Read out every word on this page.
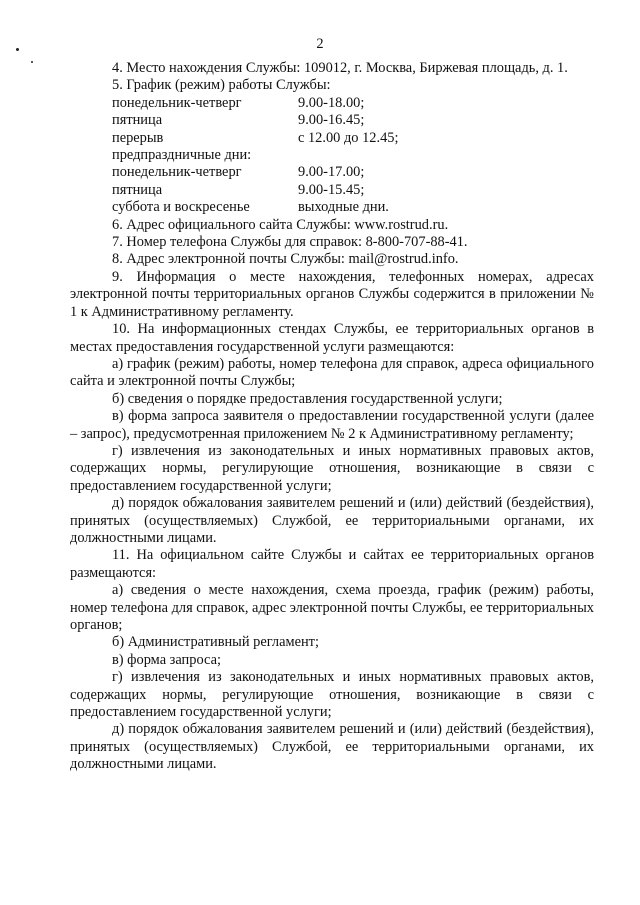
2

4. Место нахождения Службы: 109012, г. Москва, Биржевая площадь, д. 1.

5. График (режим) работы Службы:

понедельник-четверг	9.00-18.00;
пятница	9.00-16.45;
перерыв	с 12.00 до 12.45;

предпраздничные дни:

понедельник-четверг	9.00-17.00;
пятница	9.00-15.45;
суббота и воскресенье	выходные дни.

6. Адрес официального сайта Службы: www.rostrud.ru.

7. Номер телефона Службы для справок: 8-800-707-88-41.

8. Адрес электронной почты Службы: mail@rostrud.info.

9. Информация о месте нахождения, телефонных номерах, адресах электронной почты территориальных органов Службы содержится в приложении № 1 к Административному регламенту.

10. На информационных стендах Службы, ее территориальных органов в местах предоставления государственной услуги размещаются:

а) график (режим) работы, номер телефона для справок, адреса официального сайта и электронной почты Службы;

б) сведения о порядке предоставления государственной услуги;

в) форма запроса заявителя о предоставлении государственной услуги (далее – запрос), предусмотренная приложением № 2 к Административному регламенту;

г) извлечения из законодательных и иных нормативных правовых актов, содержащих нормы, регулирующие отношения, возникающие в связи с предоставлением государственной услуги;

д) порядок обжалования заявителем решений и (или) действий (бездействия), принятых (осуществляемых) Службой, ее территориальными органами, их должностными лицами.

11. На официальном сайте Службы и сайтах ее территориальных органов размещаются:

а) сведения о месте нахождения, схема проезда, график (режим) работы, номер телефона для справок, адрес электронной почты Службы, ее территориальных органов;

б) Административный регламент;

в) форма запроса;

г) извлечения из законодательных и иных нормативных правовых актов, содержащих нормы, регулирующие отношения, возникающие в связи с предоставлением государственной услуги;

д) порядок обжалования заявителем решений и (или) действий (бездействия), принятых (осуществляемых) Службой, ее территориальными органами, их должностными лицами.
